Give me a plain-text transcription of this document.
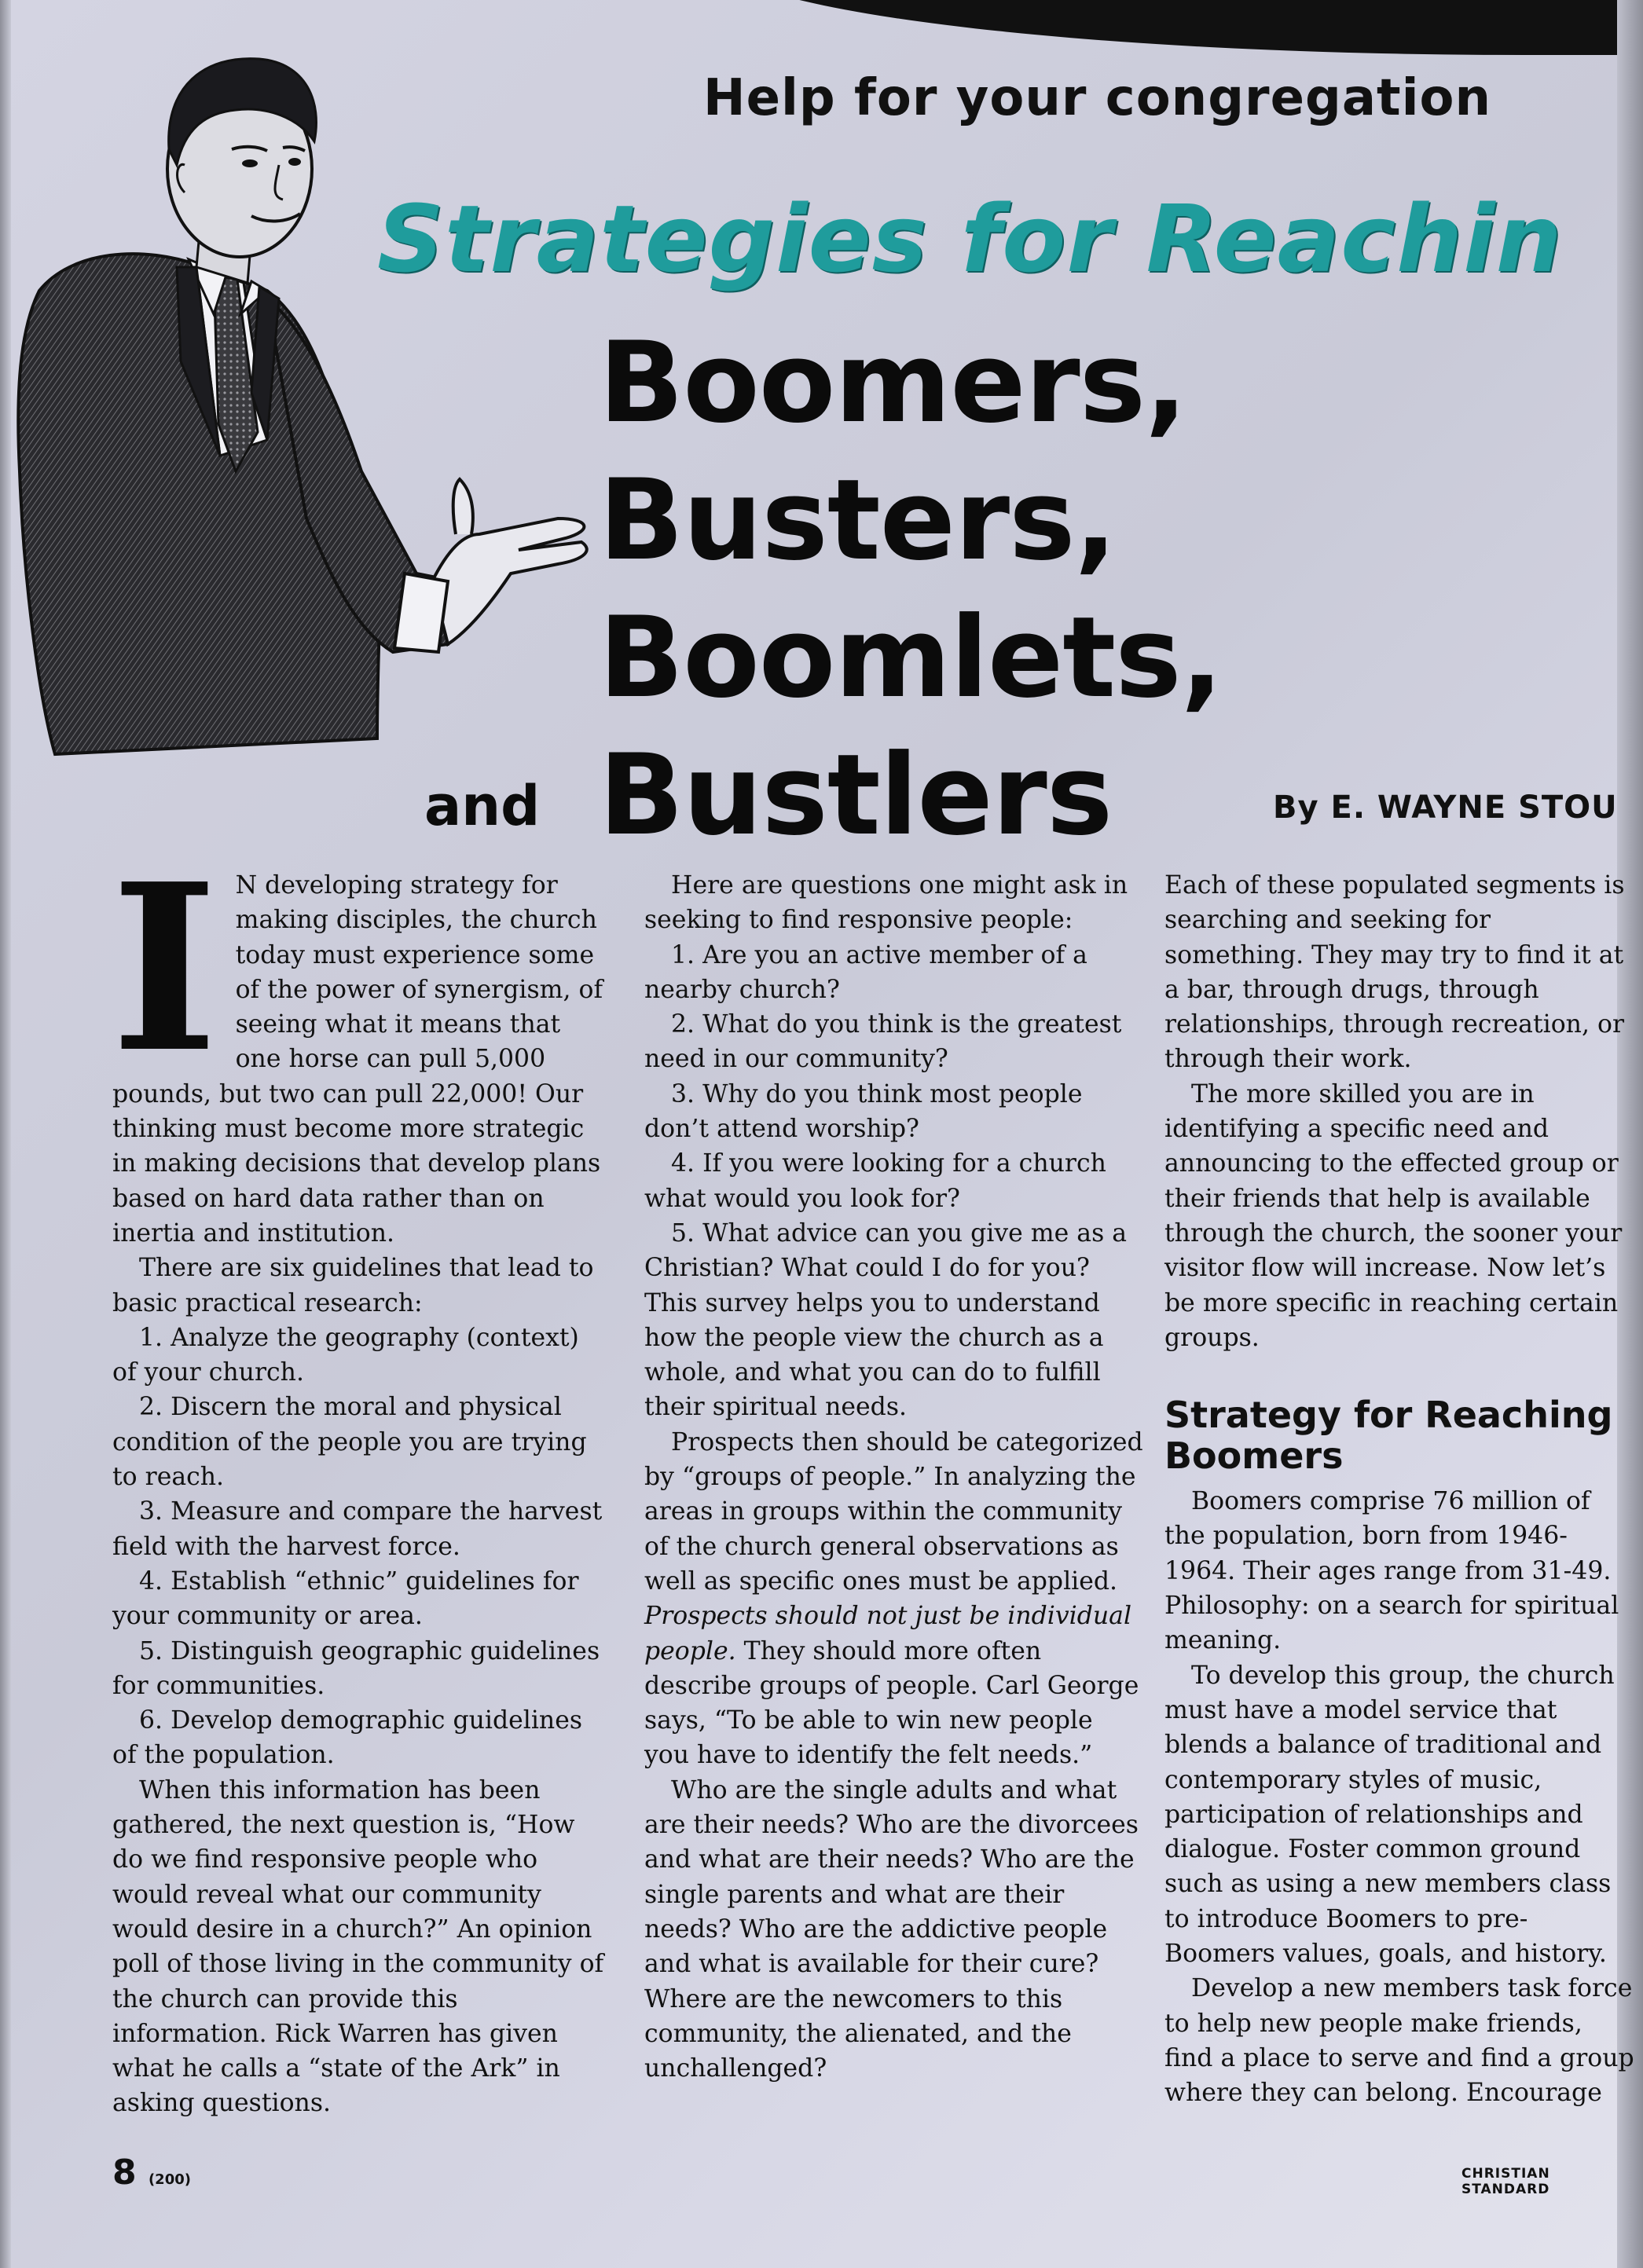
Help for your congregation
Strategies for Reachin
Boomers,
Busters,
Boomlets,
Bustlers
and	By E. WAYNE STOU
I N developing strategy for making disciples, the church today must experience some of the power of synergism, of seeing what it means that one horse can pull 5,000 pounds, but two can pull 22,000! Our thinking must become more strategic in making decisions that develop plans based on hard data rather than on inertia and institution.

There are six guidelines that lead to basic practical research:

1. Analyze the geography (context) of your church.

2. Discern the moral and physical condition of the people you are trying to reach.

3. Measure and compare the harvest field with the harvest force.

4. Establish “ethnic” guidelines for your community or area.

5. Distinguish geographic guidelines for communities.

6. Develop demographic guidelines of the population.

When this information has been gathered, the next question is, “How do we find responsive people who would reveal what our community would desire in a church?” An opinion poll of those living in the community of the church can provide this information. Rick Warren has given what he calls a “state of the Ark” in asking questions.

Here are questions one might ask in seeking to find responsive people:

1. Are you an active member of a nearby church?

2. What do you think is the greatest need in our community?

3. Why do you think most people don’t attend worship?

4. If you were looking for a church what would you look for?

5. What advice can you give me as a Christian? What could I do for you? This survey helps you to understand how the people view the church as a whole, and what you can do to fulfill their spiritual needs.

Prospects then should be categorized by “groups of people.” In analyzing the areas in groups within the community of the church general observations as well as specific ones must be applied. Prospects should not just be individual people. They should more often describe groups of people. Carl George says, “To be able to win new people you have to identify the felt needs.”

Who are the single adults and what are their needs? Who are the divorcees and what are their needs? Who are the single parents and what are their needs? Who are the addictive people and what is available for their cure? Where are the newcomers to this community, the alienated, and the unchallenged?

Each of these populated segments is searching and seeking for something. They may try to find it at a bar, through drugs, through relationships, through recreation, or through their work.

The more skilled you are in identifying a specific need and announcing to the effected group or their friends that help is available through the church, the sooner your visitor flow will increase. Now let’s be more specific in reaching certain groups.

Strategy for Reaching Boomers

Boomers comprise 76 million of the population, born from 1946-1964. Their ages range from 31-49. Philosophy: on a search for spiritual meaning.

To develop this group, the church must have a model service that blends a balance of traditional and contemporary styles of music, participation of relationships and dialogue. Foster common ground such as using a new members class to introduce Boomers to pre-Boomers values, goals, and history.

Develop a new members task force to help new people make friends, find a place to serve and find a group where they can belong. Encourage

8 (200)	CHRISTIAN STANDARD
